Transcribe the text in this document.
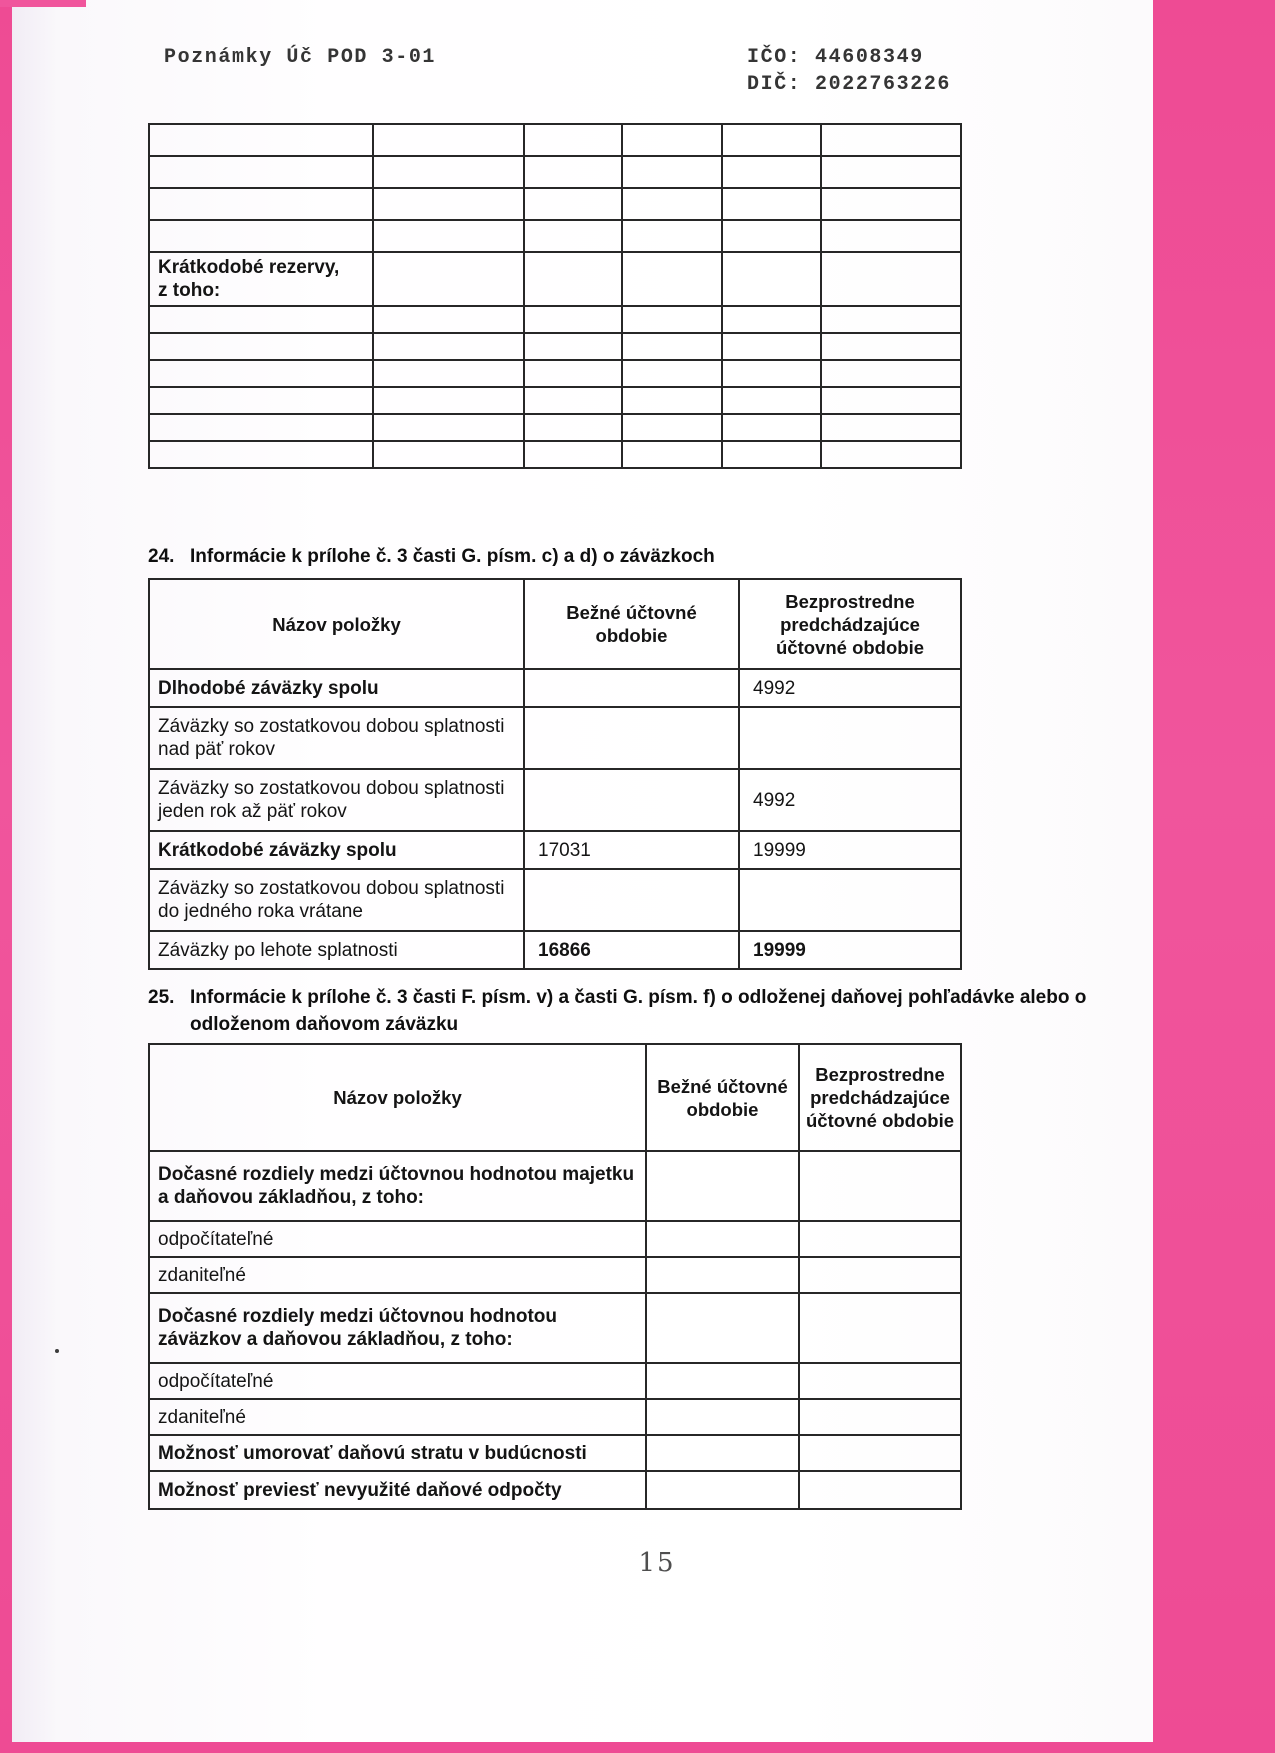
Poznámky Úč POD 3-01	IČO: 44608349
DIČ: 2022763226

Krátkodobé rezervy,
z toho:					

24. Informácie k prílohe č. 3 časti G. písm. c) a d) o záväzkoch
Názov položky	Bežné účtovné obdobie	Bezprostredne predchádzajúce účtovné obdobie
Dlhodobé záväzky spolu		4992
Záväzky so zostatkovou dobou splatnosti nad päť rokov		
Záväzky so zostatkovou dobou splatnosti jeden rok až päť rokov		4992
Krátkodobé záväzky spolu	17031	19999
Záväzky so zostatkovou dobou splatnosti do jedného roka vrátane		
Záväzky po lehote splatnosti	16866	19999
25. Informácie k prílohe č. 3 časti F. písm. v) a časti G. písm. f) o odloženej daňovej pohľadávke alebo o
odloženom daňovom záväzku
Názov položky	Bežné účtovné obdobie	Bezprostredne predchádzajúce účtovné obdobie
Dočasné rozdiely medzi účtovnou hodnotou majetku a daňovou základňou, z toho:		
odpočítateľné		
zdaniteľné		
Dočasné rozdiely medzi účtovnou hodnotou záväzkov a daňovou základňou, z toho:		
odpočítateľné		
zdaniteľné		
Možnosť umorovať daňovú stratu v budúcnosti		
Možnosť previesť nevyužité daňové odpočty		
15
